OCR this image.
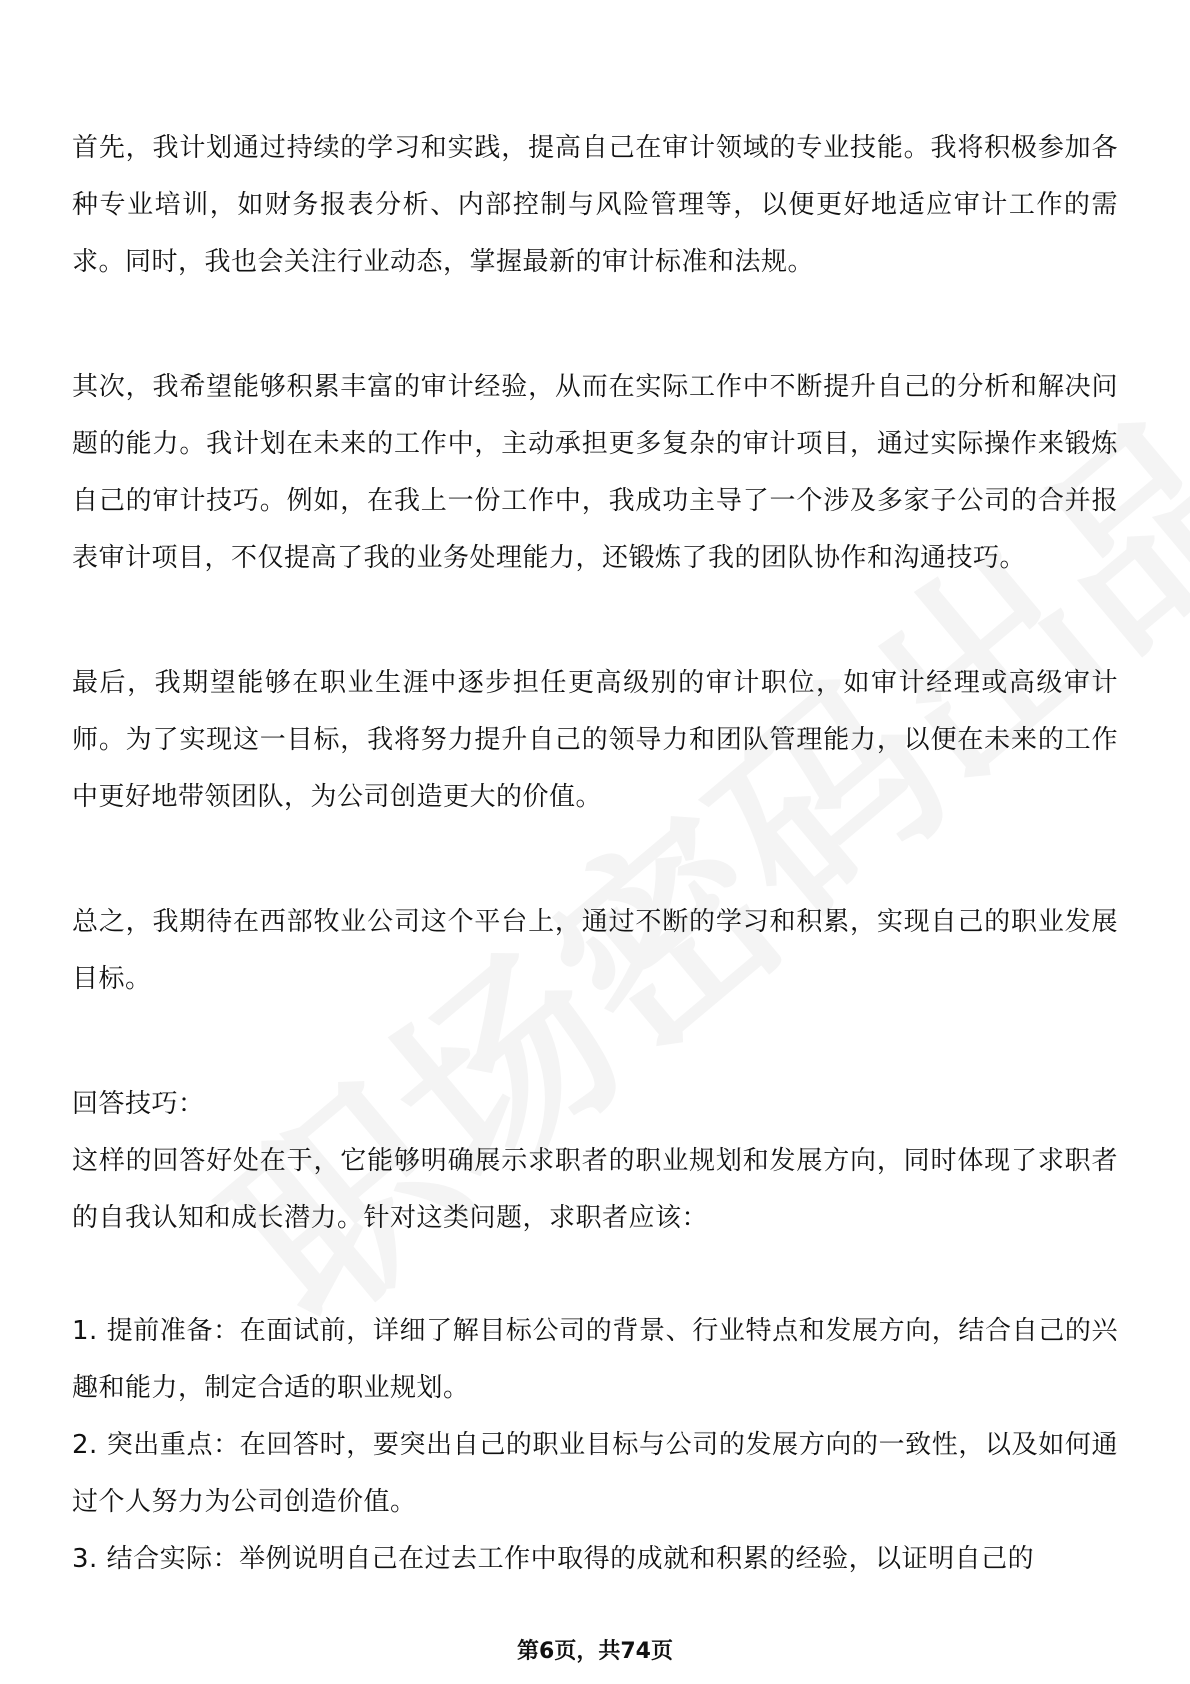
首先，我计划通过持续的学习和实践，提高自己在审计领域的专业技能。我将积极参加各种专业培训，如财务报表分析、内部控制与风险管理等，以便更好地适应审计工作的需求。同时，我也会关注行业动态，掌握最新的审计标准和法规。

其次，我希望能够积累丰富的审计经验，从而在实际工作中不断提升自己的分析和解决问题的能力。我计划在未来的工作中，主动承担更多复杂的审计项目，通过实际操作来锻炼自己的审计技巧。例如，在我上一份工作中，我成功主导了一个涉及多家子公司的合并报表审计项目，不仅提高了我的业务处理能力，还锻炼了我的团队协作和沟通技巧。

最后，我期望能够在职业生涯中逐步担任更高级别的审计职位，如审计经理或高级审计师。为了实现这一目标，我将努力提升自己的领导力和团队管理能力，以便在未来的工作中更好地带领团队，为公司创造更大的价值。

总之，我期待在西部牧业公司这个平台上，通过不断的学习和积累，实现自己的职业发展目标。

回答技巧：

这样的回答好处在于，它能够明确展示求职者的职业规划和发展方向，同时体现了求职者的自我认知和成长潜力。针对这类问题，求职者应该：

1. 提前准备：在面试前，详细了解目标公司的背景、行业特点和发展方向，结合自己的兴趣和能力，制定合适的职业规划。

2. 突出重点：在回答时，要突出自己的职业目标与公司的发展方向的一致性，以及如何通过个人努力为公司创造价值。

3. 结合实际：举例说明自己在过去工作中取得的成就和积累的经验，以证明自己的

第6页，共74页
